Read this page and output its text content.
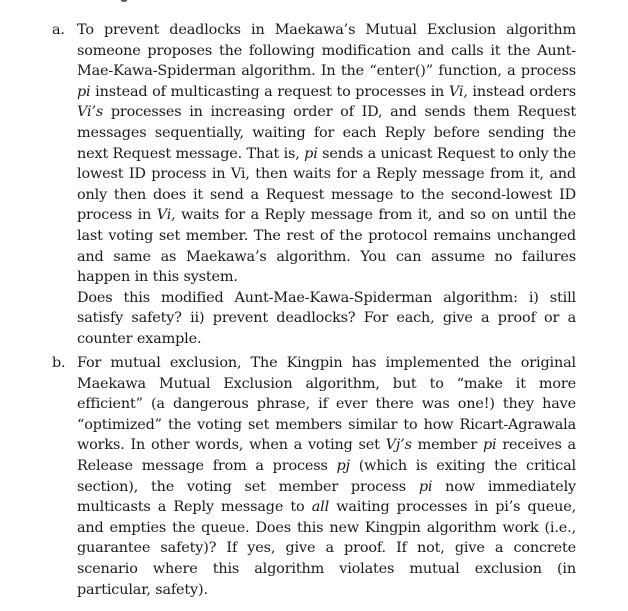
a. To prevent deadlocks in Maekawa’s Mutual Exclusion algorithm someone proposes the following modification and calls it the Aunt-Mae-Kawa-Spiderman algorithm. In the “enter()” function, a process pi instead of multicasting a request to processes in Vi, instead orders Vi’s processes in increasing order of ID, and sends them Request messages sequentially, waiting for each Reply before sending the next Request message. That is, pi sends a unicast Request to only the lowest ID process in Vi, then waits for a Reply message from it, and only then does it send a Request message to the second-lowest ID process in Vi, waits for a Reply message from it, and so on until the last voting set member. The rest of the protocol remains unchanged and same as Maekawa’s algorithm. You can assume no failures happen in this system.

Does this modified Aunt-Mae-Kawa-Spiderman algorithm: i) still satisfy safety? ii) prevent deadlocks? For each, give a proof or a counter example.

b. For mutual exclusion, The Kingpin has implemented the original Maekawa Mutual Exclusion algorithm, but to “make it more efficient” (a dangerous phrase, if ever there was one!) they have “optimized” the voting set members similar to how Ricart-Agrawala works. In other words, when a voting set Vj’s member pi receives a Release message from a process pj (which is exiting the critical section), the voting set member process pi now immediately multicasts a Reply message to all waiting processes in pi’s queue, and empties the queue. Does this new Kingpin algorithm work (i.e., guarantee safety)? If yes, give a proof. If not, give a concrete scenario where this algorithm violates mutual exclusion (in particular, safety).
